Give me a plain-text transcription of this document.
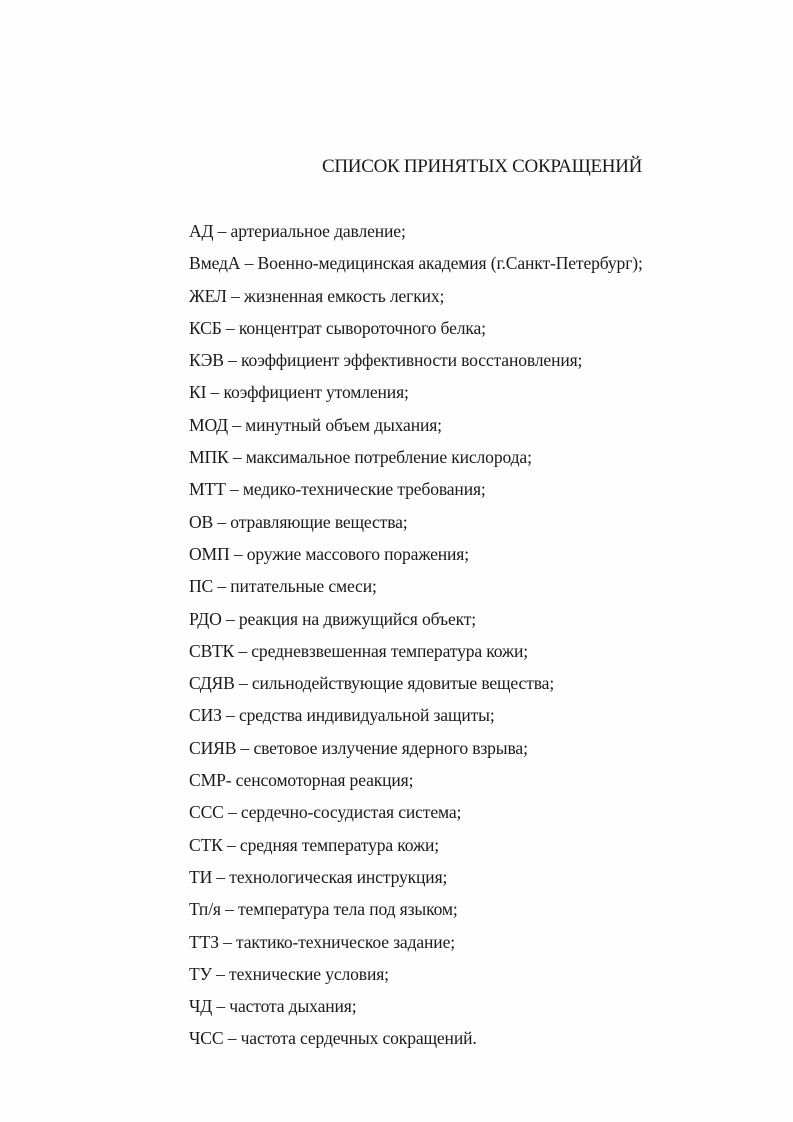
СПИСОК ПРИНЯТЫХ СОКРАЩЕНИЙ
АД – артериальное давление;
ВмедА – Военно-медицинская академия (г.Санкт-Петербург);
ЖЕЛ – жизненная емкость легких;
КСБ – концентрат сывороточного белка;
КЭВ – коэффициент эффективности восстановления;
КI – коэффициент утомления;
МОД – минутный объем дыхания;
МПК – максимальное потребление кислорода;
МТТ – медико-технические требования;
ОВ – отравляющие вещества;
ОМП – оружие массового поражения;
ПС – питательные смеси;
РДО – реакция на движущийся объект;
СВТК – средневзвешенная температура кожи;
СДЯВ – сильнодействующие ядовитые вещества;
СИЗ – средства индивидуальной защиты;
СИЯВ – световое излучение ядерного взрыва;
СМР- сенсомоторная реакция;
ССС – сердечно-сосудистая система;
СТК – средняя температура кожи;
ТИ – технологическая инструкция;
Тп/я – температура тела под языком;
ТТЗ – тактико-техническое задание;
ТУ – технические условия;
ЧД – частота дыхания;
ЧСС – частота сердечных сокращений.
